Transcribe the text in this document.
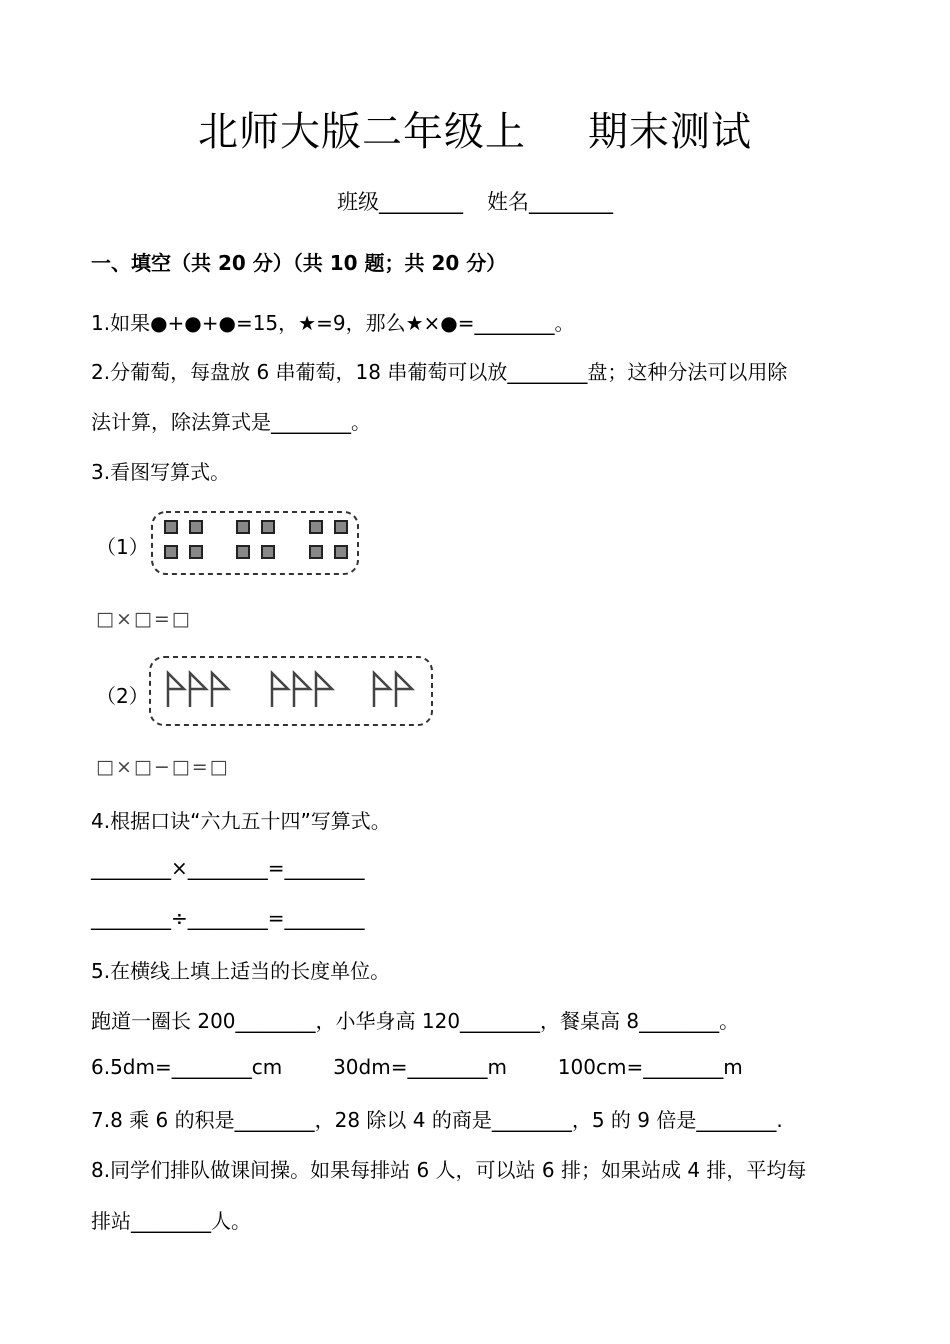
北师大版二年级上 期末测试
班级________ 姓名________
一、填空（共 20 分）（共 10 题；共 20 分）
1.如果●+●+●=15，★=9，那么★×●=________。
2.分葡萄，每盘放 6 串葡萄，18 串葡萄可以放________盘；这种分法可以用除
法计算，除法算式是________。
3.看图写算式。
（1）
□×□=□
（2）
□×□−□=□
4.根据口诀“六九五十四”写算式。
________×________=________
________÷________=________
5.在横线上填上适当的长度单位。
跑道一圈长 200________，小华身高 120________，餐桌高 8________。
6.5dm=________cm        30dm=________m        100cm=________m
7.8 乘 6 的积是________，28 除以 4 的商是________，5 的 9 倍是________.
8.同学们排队做课间操。如果每排站 6 人，可以站 6 排；如果站成 4 排，平均每
排站________人。
